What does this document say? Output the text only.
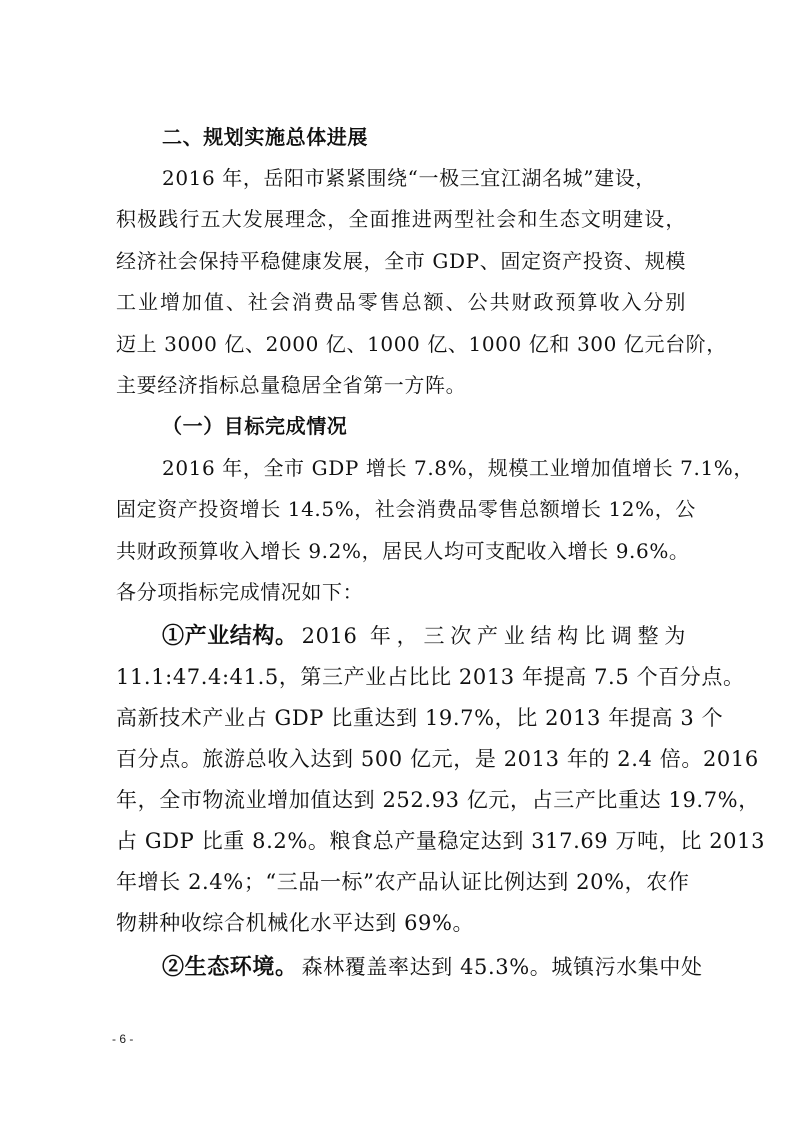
二、规划实施总体进展
2016 年，岳阳市紧紧围绕“一极三宜江湖名城”建设，
积极践行五大发展理念，全面推进两型社会和生态文明建设，
经济社会保持平稳健康发展，全市 GDP、固定资产投资、规模
工业增加值、社会消费品零售总额、公共财政预算收入分别
迈上 3000 亿、2000 亿、1000 亿、1000 亿和 300 亿元台阶，
主要经济指标总量稳居全省第一方阵。
（一）目标完成情况
2016 年，全市 GDP 增长 7.8%，规模工业增加值增长 7.1%，
固定资产投资增长 14.5%，社会消费品零售总额增长 12%，公
共财政预算收入增长 9.2%，居民人均可支配收入增长 9.6%。
各分项指标完成情况如下：
①产业结构。 2016 年，三次产业结构比调整为
11.1:47.4:41.5，第三产业占比比 2013 年提高 7.5 个百分点。
高新技术产业占 GDP 比重达到 19.7%，比 2013 年提高 3 个
百分点。旅游总收入达到 500 亿元，是 2013 年的 2.4 倍。2016
年，全市物流业增加值达到 252.93 亿元，占三产比重达 19.7%，
占 GDP 比重 8.2%。粮食总产量稳定达到 317.69 万吨，比 2013
年增长 2.4%；“三品一标”农产品认证比例达到 20%，农作
物耕种收综合机械化水平达到 69%。
②生态环境。 森林覆盖率达到 45.3%。城镇污水集中处
- 6 -
